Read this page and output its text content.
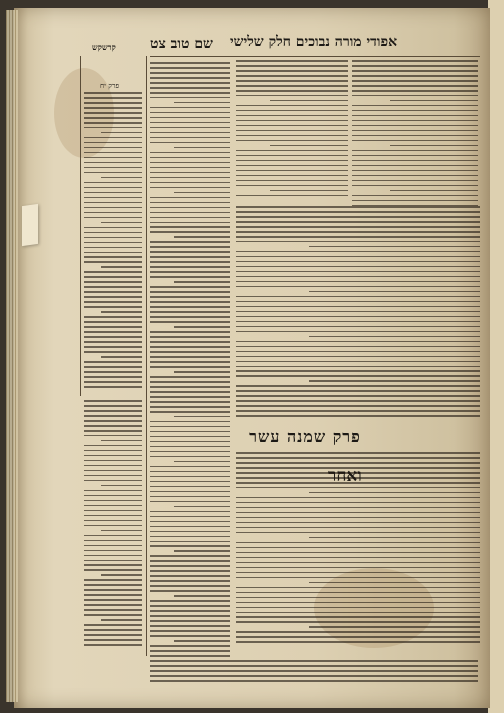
אפודי מורה נבוכים חלק שלישי
שם טוב צט
קרשקש
פרק יח
פרק שמנה עשר
